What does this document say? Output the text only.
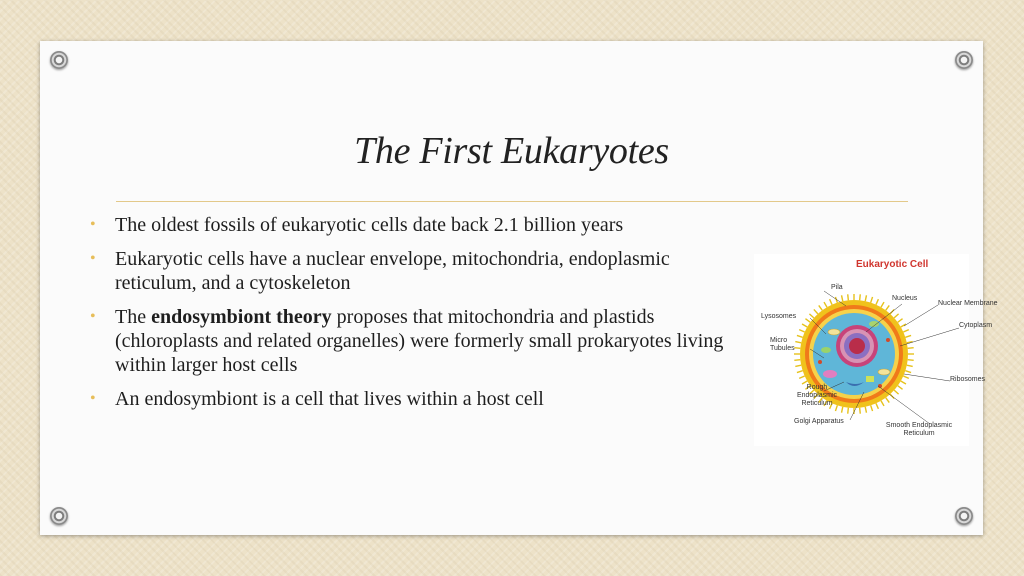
The First Eukaryotes
• The oldest fossils of eukaryotic cells date back 2.1 billion years
• Eukaryotic cells have a nuclear envelope, mitochondria, endoplasmic reticulum, and a cytoskeleton
• The endosymbiont theory proposes that mitochondria and plastids (chloroplasts and related organelles) were formerly small prokaryotes living within larger host cells
• An endosymbiont is a cell that lives within a host cell
Eukaryotic Cell
Pila
Nucleus
Nuclear Membrane
Lysosomes
Cytoplasm
Micro Tubules
Ribosomes
Rough Endoplasmic Reticulum
Golgi Apparatus
Smooth Endoplasmic Reticulum
